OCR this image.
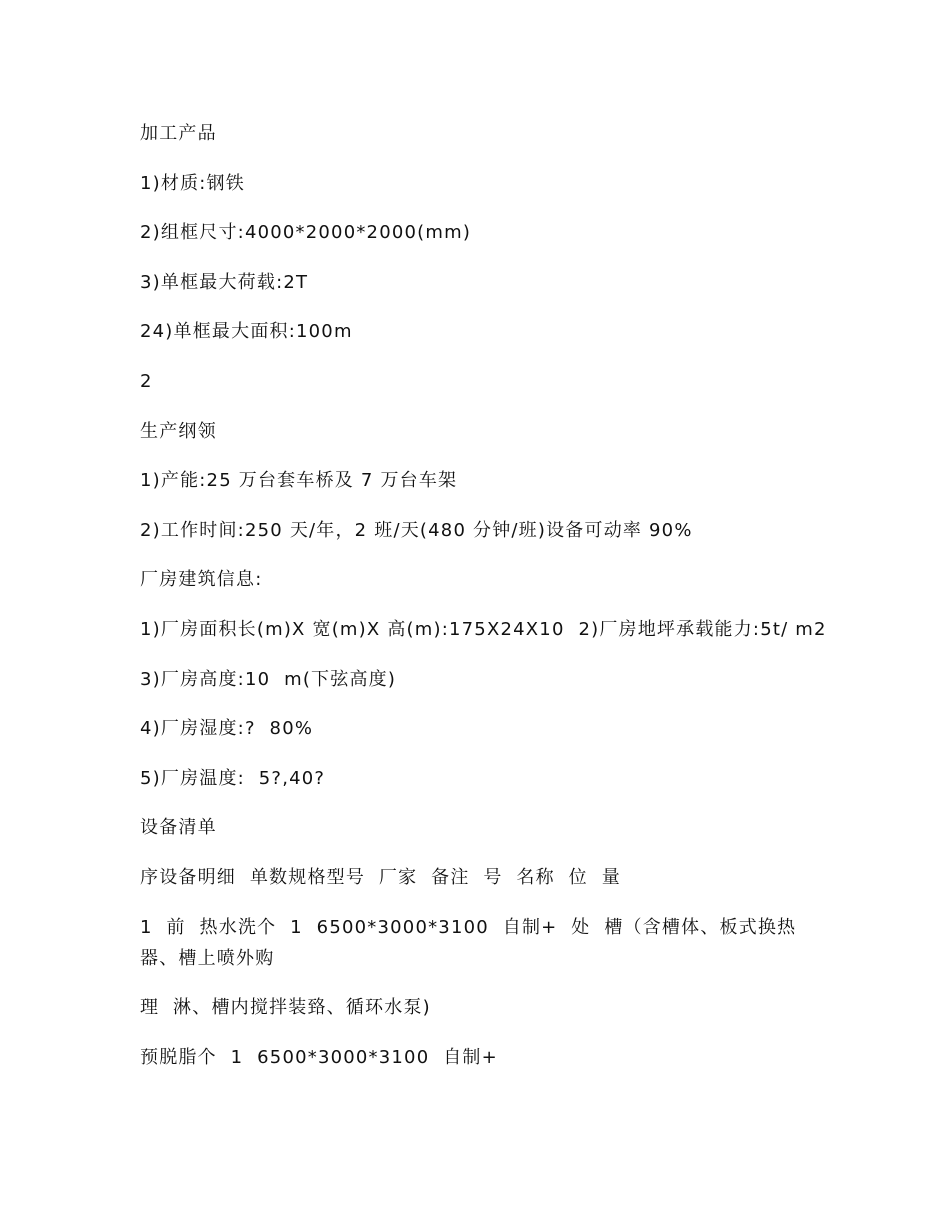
加工产品
1)材质:钢铁
2)组框尺寸:4000*2000*2000(mm)
3)单框最大荷载:2T
24)单框最大面积:100m
2
生产纲领
1)产能:25 万台套车桥及 7 万台车架
2)工作时间:250 天/年，2 班/天(480 分钟/班)设备可动率 90%
厂房建筑信息:
1)厂房面积长(m)X 宽(m)X 高(m):175X24X10  2)厂房地坪承载能力:5t/ m2
3)厂房高度:10  m(下弦高度)
4)厂房湿度:?  80%
5)厂房温度:  5?,40?
设备清单
序设备明细  单数规格型号  厂家  备注  号  名称  位  量
1  前  热水洗个  1  6500*3000*3100  自制+  处  槽（含槽体、板式换热器、槽上喷外购
理  淋、槽内搅拌装臵、循环水泵)
预脱脂个  1  6500*3000*3100  自制+
